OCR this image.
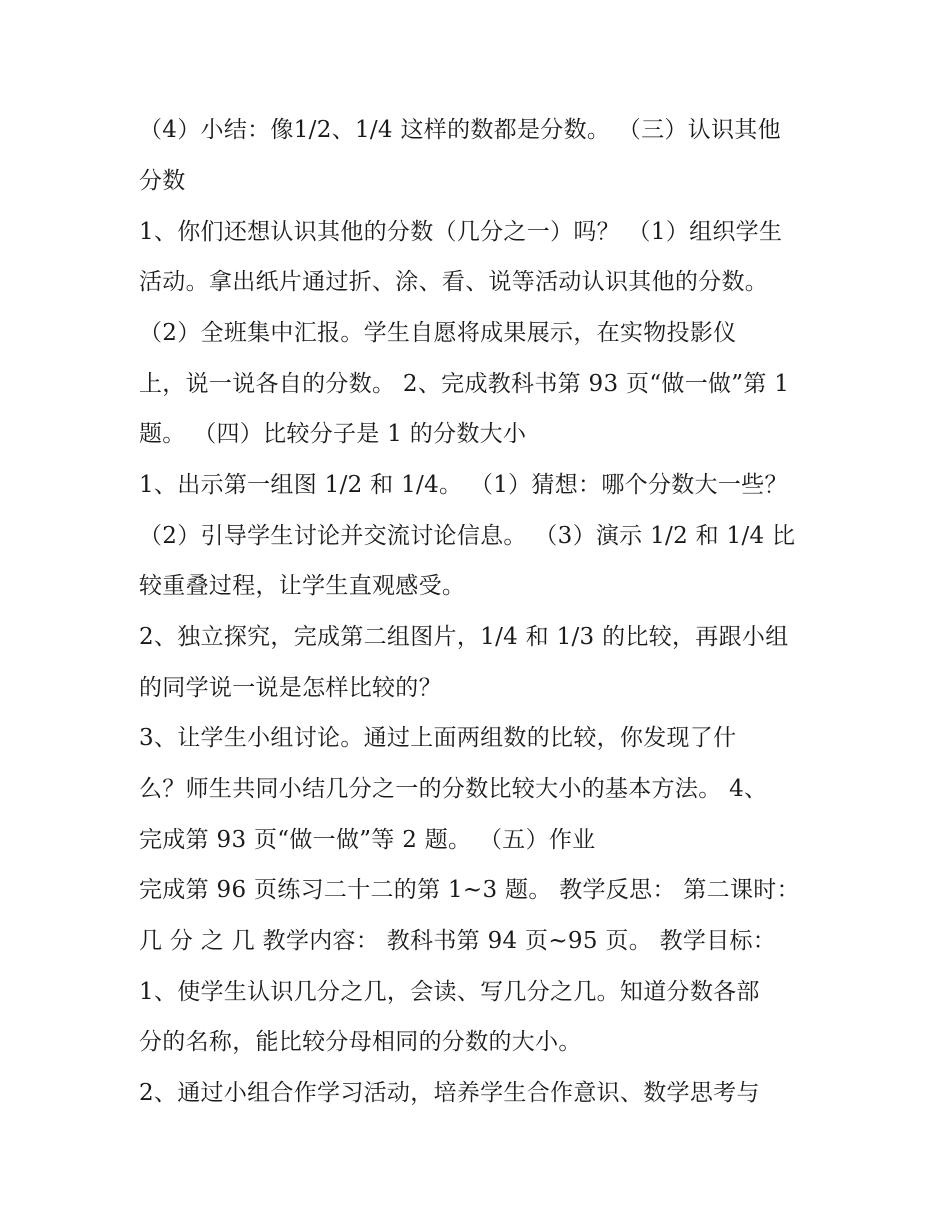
（4）小结：像1/2、1/4 这样的数都是分数。 （三）认识其他
分数
1、你们还想认识其他的分数（几分之一）吗？ （1）组织学生
活动。拿出纸片通过折、涂、看、说等活动认识其他的分数。
（2）全班集中汇报。学生自愿将成果展示，在实物投影仪
上，说一说各自的分数。 2、完成教科书第 93 页“做一做”第 1
题。 （四）比较分子是 1 的分数大小
1、出示第一组图 1/2 和 1/4。 （1）猜想：哪个分数大一些？
（2）引导学生讨论并交流讨论信息。 （3）演示 1/2 和 1/4 比
较重叠过程，让学生直观感受。
2、独立探究，完成第二组图片，1/4 和 1/3 的比较，再跟小组
的同学说一说是怎样比较的？
3、让学生小组讨论。通过上面两组数的比较，你发现了什
么？师生共同小结几分之一的分数比较大小的基本方法。 4、
完成第 93 页“做一做”等 2 题。 （五）作业
完成第 96 页练习二十二的第 1~3 题。 教学反思： 第二课时：
几 分 之 几 教学内容： 教科书第 94 页~95 页。 教学目标：
1、使学生认识几分之几，会读、写几分之几。知道分数各部
分的名称，能比较分母相同的分数的大小。
2、通过小组合作学习活动，培养学生合作意识、数学思考与
